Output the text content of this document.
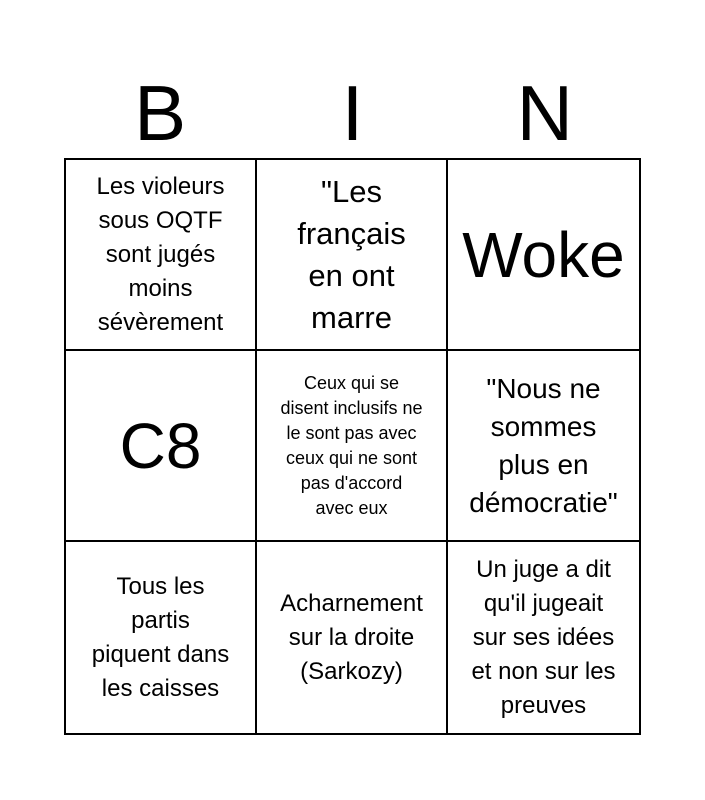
B	I	N
Les violeurs
sous OQTF
sont jugés
moins
sévèrement
"Les
français
en ont
marre
Woke
C8
Ceux qui se
disent inclusifs ne
le sont pas avec
ceux qui ne sont
pas d'accord
avec eux
"Nous ne
sommes
plus en
démocratie"
Tous les
partis
piquent dans
les caisses
Acharnement
sur la droite
(Sarkozy)
Un juge a dit
qu'il jugeait
sur ses idées
et non sur les
preuves
